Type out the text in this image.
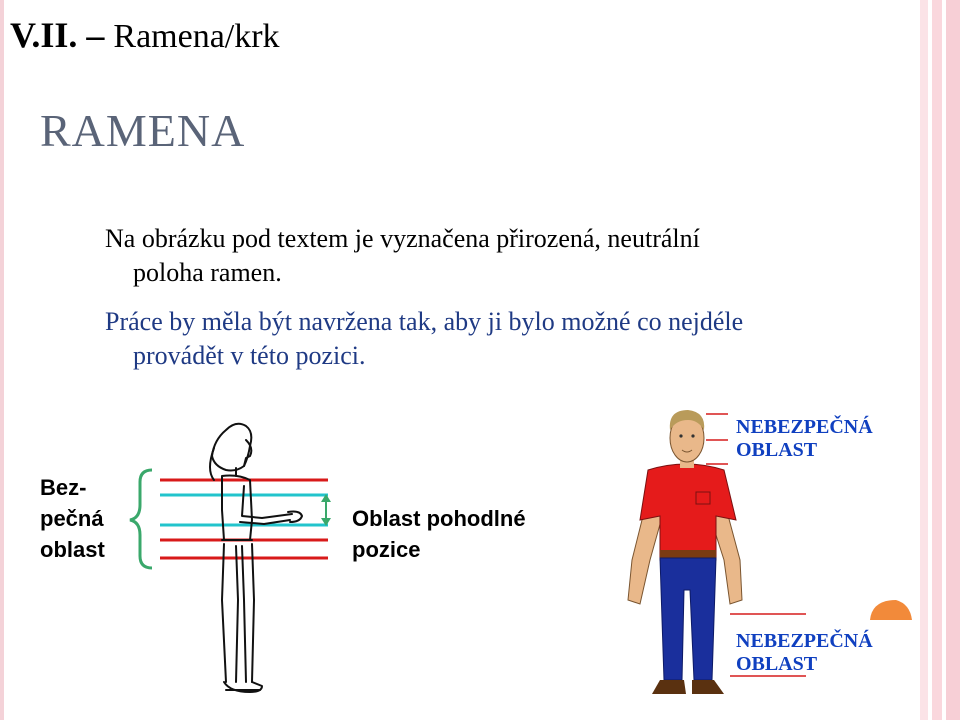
V.II. – Ramena/krk
RAMENA
Na obrázku pod textem je vyznačena přirozená, neutrální
poloha ramen.
Práce by měla být navržena tak, aby ji bylo možné co nejdéle
provádět v této pozici.
Bez-
pečná
oblast
Oblast pohodlné
pozice
NEBEZPEČNÁ
OBLAST
NEBEZPEČNÁ
OBLAST
